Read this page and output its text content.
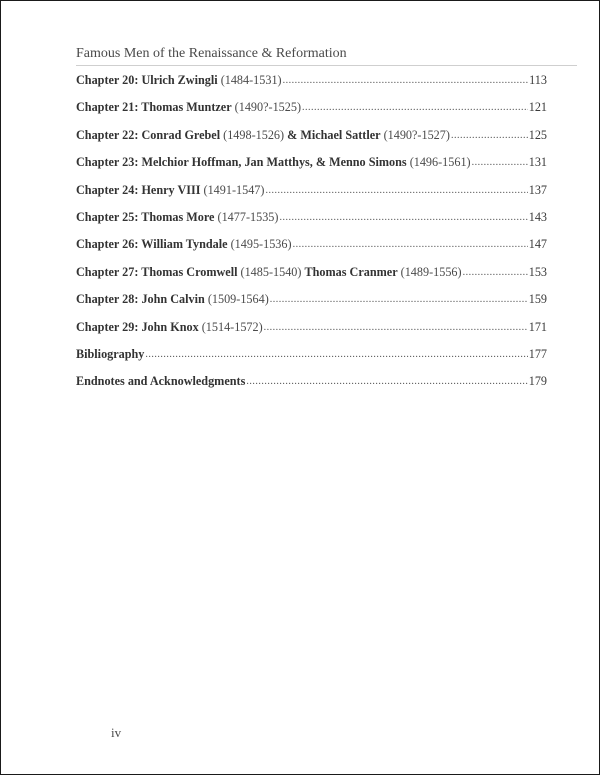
Famous Men of the Renaissance & Reformation
Chapter 20: Ulrich Zwingli (1484-1531) .....	113
Chapter 21: Thomas Muntzer (1490?-1525) .....	121
Chapter 22: Conrad Grebel (1498-1526) & Michael Sattler (1490?-1527) .....	125
Chapter 23: Melchior Hoffman, Jan Matthys, & Menno Simons (1496-1561) .....	131
Chapter 24: Henry VIII (1491-1547) .....	137
Chapter 25: Thomas More (1477-1535) .....	143
Chapter 26: William Tyndale (1495-1536) .....	147
Chapter 27: Thomas Cromwell (1485-1540) Thomas Cranmer (1489-1556) .....	153
Chapter 28: John Calvin (1509-1564) .....	159
Chapter 29: John Knox (1514-1572) .....	171
Bibliography .....	177
Endnotes and Acknowledgments .....	179
iv
